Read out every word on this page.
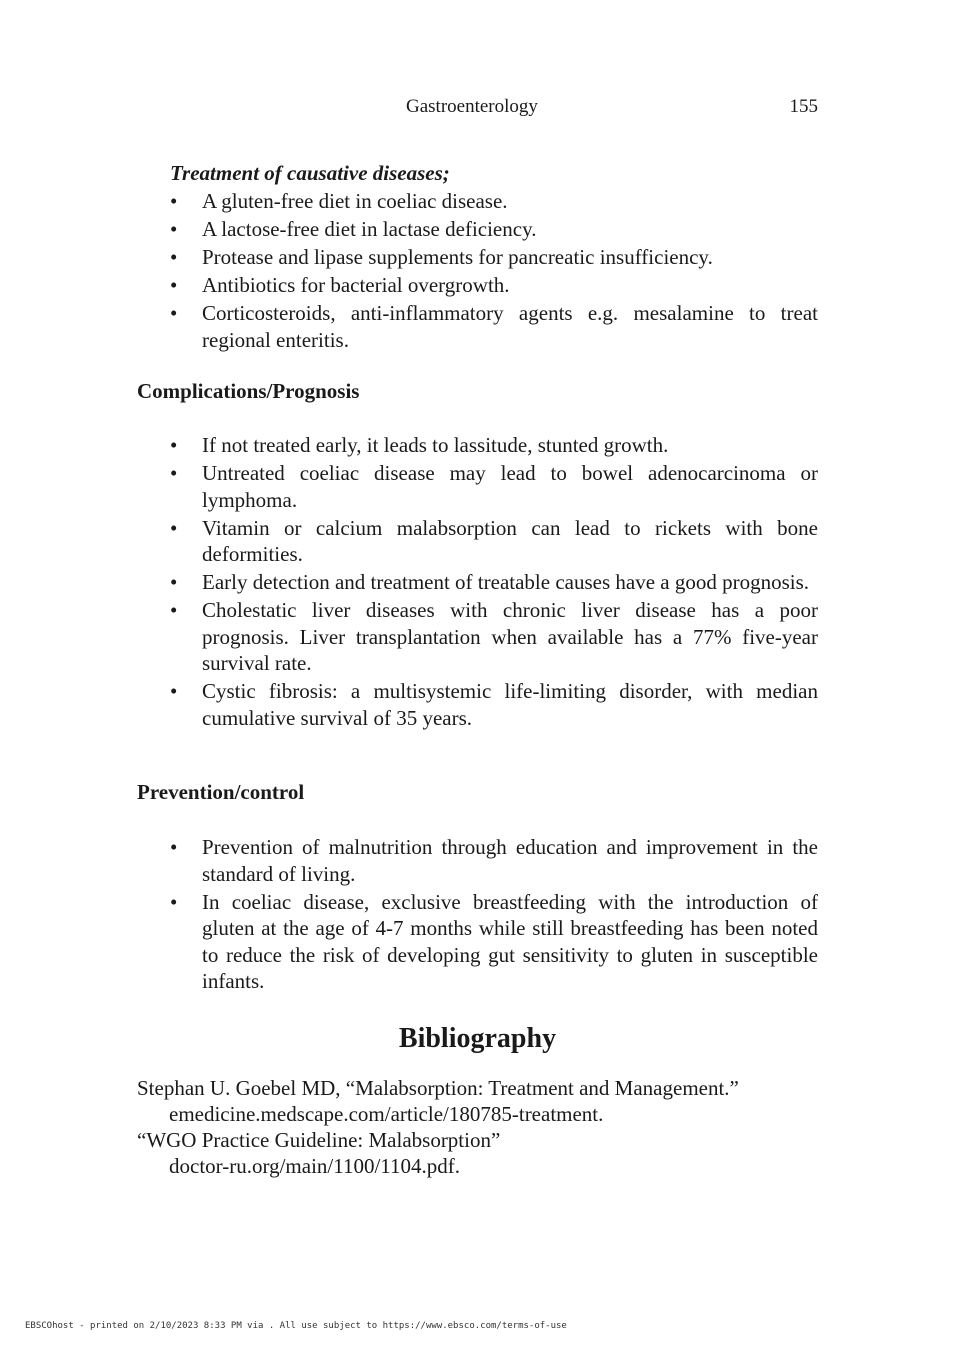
Gastroenterology	155
Treatment of causative diseases;
• A gluten-free diet in coeliac disease.
• A lactose-free diet in lactase deficiency.
• Protease and lipase supplements for pancreatic insufficiency.
• Antibiotics for bacterial overgrowth.
• Corticosteroids, anti-inflammatory agents e.g. mesalamine to treat regional enteritis.
Complications/Prognosis
• If not treated early, it leads to lassitude, stunted growth.
• Untreated coeliac disease may lead to bowel adenocarcinoma or lymphoma.
• Vitamin or calcium malabsorption can lead to rickets with bone deformities.
• Early detection and treatment of treatable causes have a good prognosis.
• Cholestatic liver diseases with chronic liver disease has a poor prognosis. Liver transplantation when available has a 77% five-year survival rate.
• Cystic fibrosis: a multisystemic life-limiting disorder, with median cumulative survival of 35 years.
Prevention/control
• Prevention of malnutrition through education and improvement in the standard of living.
• In coeliac disease, exclusive breastfeeding with the introduction of gluten at the age of 4-7 months while still breastfeeding has been noted to reduce the risk of developing gut sensitivity to gluten in susceptible infants.
Bibliography
Stephan U. Goebel MD, “Malabsorption: Treatment and Management.”
emedicine.medscape.com/article/180785-treatment.
“WGO Practice Guideline: Malabsorption”
doctor-ru.org/main/1100/1104.pdf.
EBSCOhost - printed on 2/10/2023 8:33 PM via . All use subject to https://www.ebsco.com/terms-of-use
